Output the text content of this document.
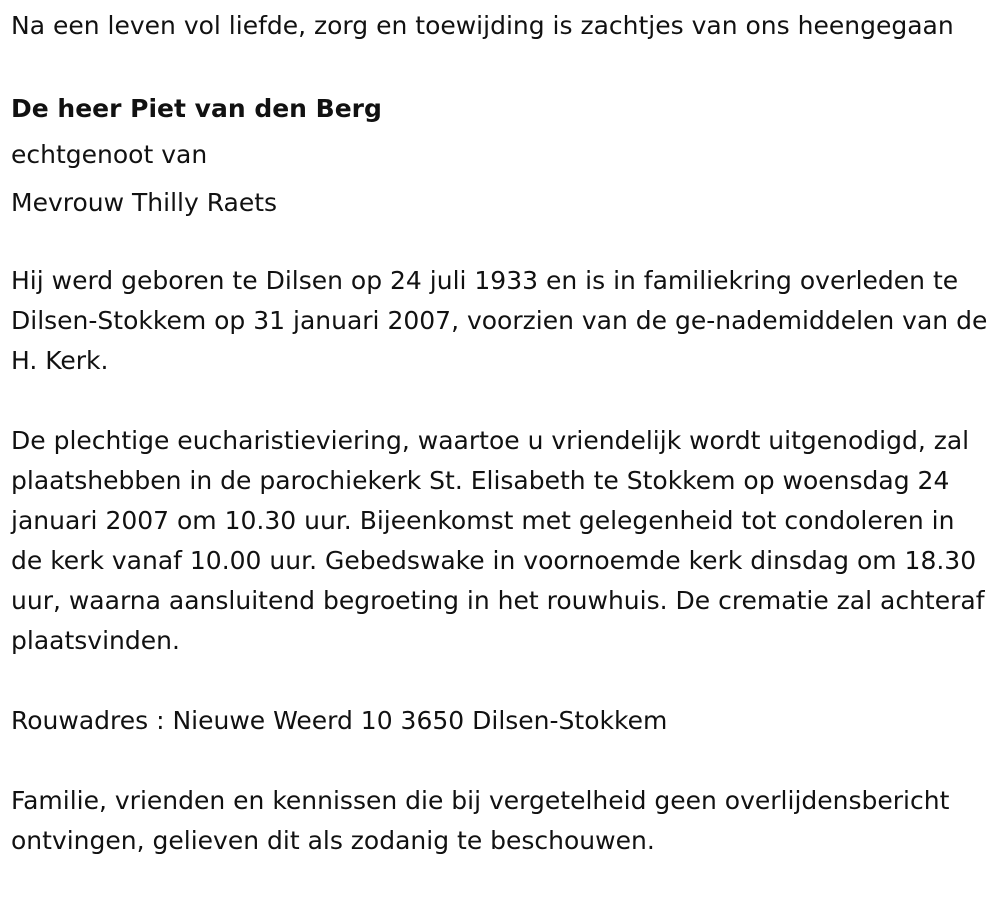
Na een leven vol liefde, zorg en toewijding is zachtjes van ons heengegaan

De heer Piet van den Berg

echtgenoot van

Mevrouw Thilly Raets

Hij werd geboren te Dilsen op 24 juli 1933 en is in familiekring overleden te Dilsen-Stokkem op 31 januari 2007, voorzien van de ge-nademiddelen van de H. Kerk.

De plechtige eucharistieviering, waartoe u vriendelijk wordt uitgenodigd, zal plaatshebben in de parochiekerk St. Elisabeth te Stokkem op woensdag 24 januari 2007 om 10.30 uur. Bijeenkomst met gelegenheid tot condoleren in de kerk vanaf 10.00 uur. Gebedswake in voornoemde kerk dinsdag om 18.30 uur, waarna aansluitend begroeting in het rouwhuis. De crematie zal achteraf plaatsvinden.

Rouwadres : Nieuwe Weerd 10 3650 Dilsen-Stokkem

Familie, vrienden en kennissen die bij vergetelheid geen overlijdensbericht ontvingen, gelieven dit als zodanig te beschouwen.
